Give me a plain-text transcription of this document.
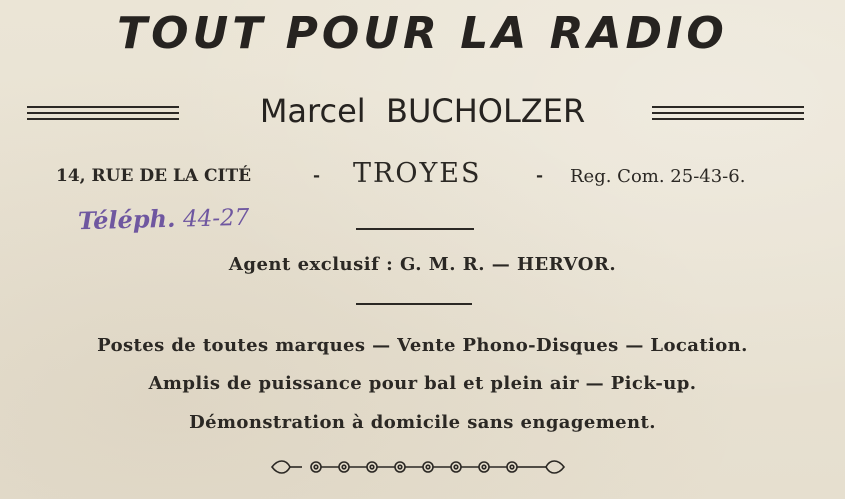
TOUT POUR LA RADIO
Marcel  BUCHOLZER
14, RUE DE LA CITÉ	- TROYES	- Reg. Com. 25-43-6.
Téléph. 44-27
Agent exclusif : G. M. R. — HERVOR.
Postes de toutes marques — Vente Phono-Disques — Location.
Amplis de puissance pour bal et plein air — Pick-up.
Démonstration à domicile sans engagement.
